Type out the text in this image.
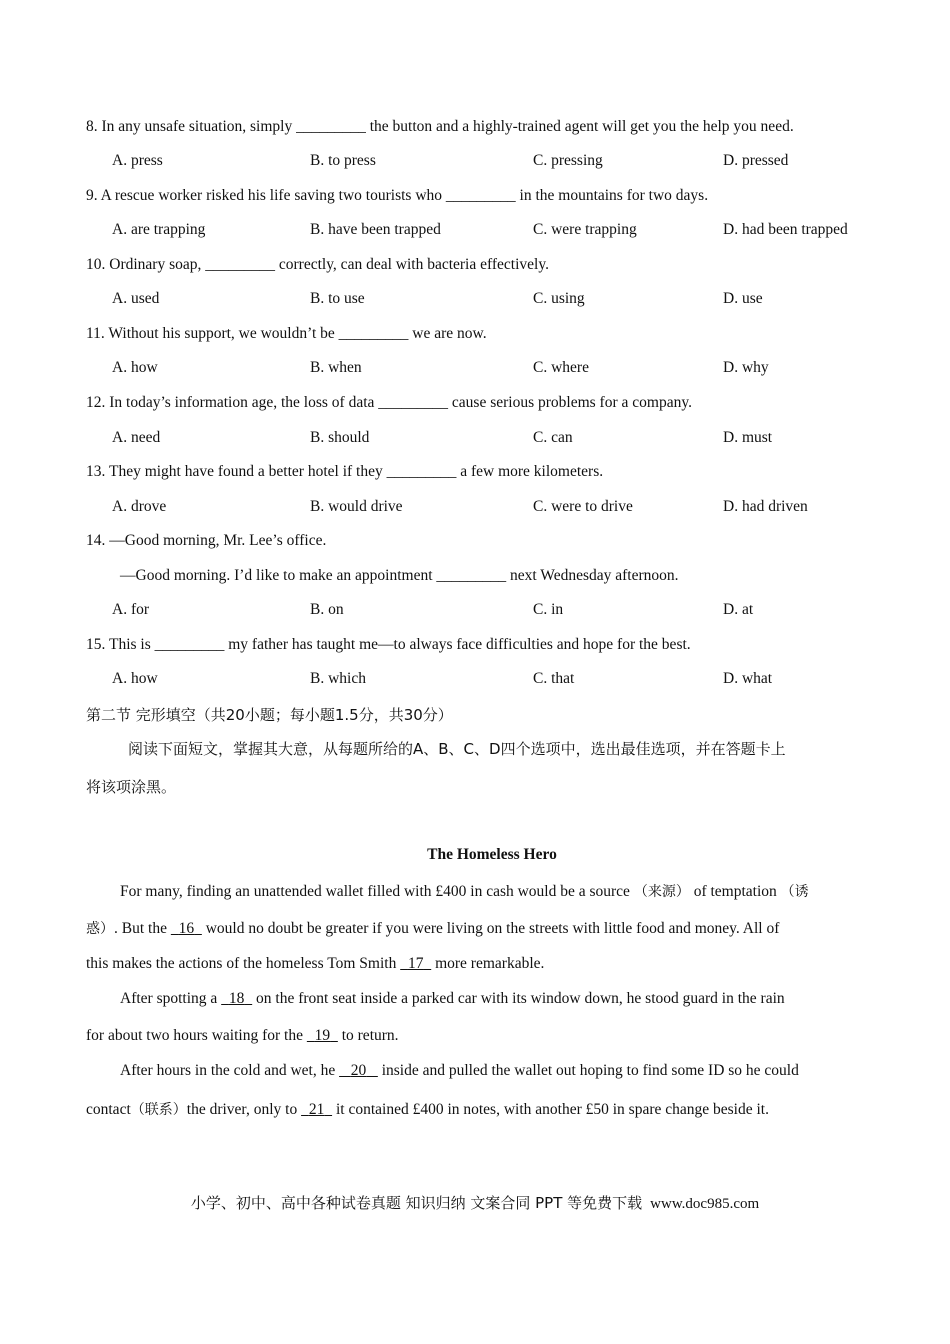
8. In any unsafe situation, simply _________ the button and a highly-trained agent will get you the help you need.
A. press	B. to press	C. pressing	D. pressed
9. A rescue worker risked his life saving two tourists who _________ in the mountains for two days.
A. are trapping	B. have been trapped	C. were trapping	D. had been trapped
10. Ordinary soap, _________ correctly, can deal with bacteria effectively.
A. used	B. to use	C. using	D. use
11. Without his support, we wouldn’t be _________ we are now.
A. how	B. when	C. where	D. why
12. In today’s information age, the loss of data _________ cause serious problems for a company.
A. need	B. should	C. can	D. must
13. They might have found a better hotel if they _________ a few more kilometers.
A. drove	B. would drive	C. were to drive	D. had driven
14. —Good morning, Mr. Lee’s office.
—Good morning. I’d like to make an appointment _________ next Wednesday afternoon.
A. for	B. on	C. in	D. at
15. This is _________ my father has taught me—to always face difficulties and hope for the best.
A. how	B. which	C. that	D. what
第二节 完形填空（共20小题；每小题1.5分，共30分）
阅读下面短文，掌握其大意，从每题所给的A、B、C、D四个选项中，选出最佳选项，并在答题卡上
将该项涂黑。
The Homeless Hero
For many, finding an unattended wallet filled with £400 in cash would be a source （来源） of temptation （诱
惑）. But the 16 would no doubt be greater if you were living on the streets with little food and money. All of
this makes the actions of the homeless Tom Smith 17 more remarkable.
After spotting a 18 on the front seat inside a parked car with its window down, he stood guard in the rain
for about two hours waiting for the 19 to return.
After hours in the cold and wet, he 20 inside and pulled the wallet out hoping to find some ID so he could
contact（联系）the driver, only to 21 it contained £400 in notes, with another £50 in spare change beside it.
小学、初中、高中各种试卷真题 知识归纳 文案合同 PPT 等免费下载 www.doc985.com
